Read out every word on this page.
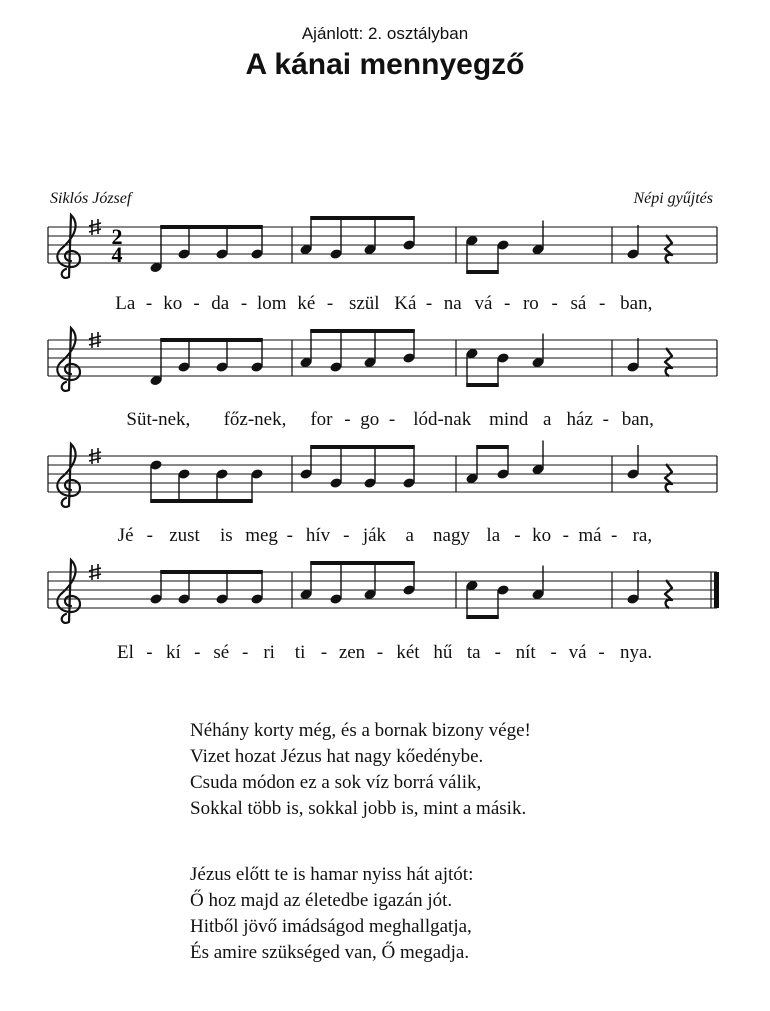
Ajánlott: 2. osztályban
A kánai mennyegző
Siklós József	Népi gyűjtés
2
4
La - ko - da - lom ké - szül Ká - na vá - ro - sá - ban,
Süt-nek, főz-nek, for - go - lód-nak mind a ház - ban,
Jé - zust is meg - hív - ják a nagy la - ko - má - ra,
El - kí - sé - ri ti - zen - két hű ta - nít - vá - nya.
Néhány korty még, és a bornak bizony vége!
Vizet hozat Jézus hat nagy kőedénybe.
Csuda módon ez a sok víz borrá válik,
Sokkal több is, sokkal jobb is, mint a másik.
Jézus előtt te is hamar nyiss hát ajtót:
Ő hoz majd az életedbe igazán jót.
Hitből jövő imádságod meghallgatja,
És amire szükséged van, Ő megadja.
